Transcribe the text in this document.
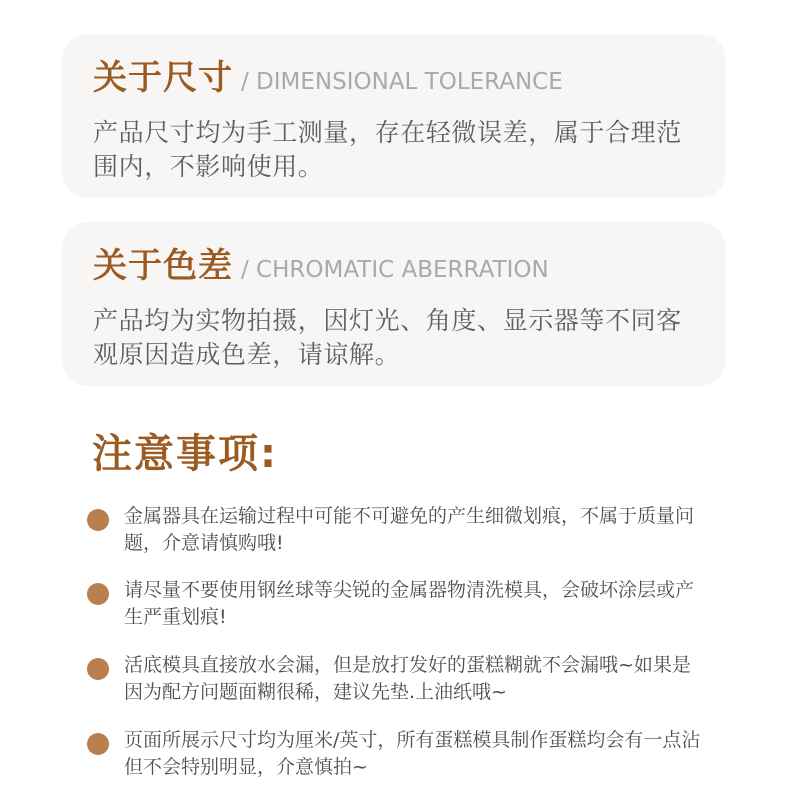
关于尺寸 / DIMENSIONAL TOLERANCE
产品尺寸均为手工测量，存在轻微误差，属于合理范围内，不影响使用。
关于色差 / CHROMATIC ABERRATION
产品均为实物拍摄，因灯光、角度、显示器等不同客观原因造成色差，请谅解。
注意事项:
金属器具在运输过程中可能不可避免的产生细微划痕，不属于质量问题，介意请慎购哦!
请尽量不要使用钢丝球等尖锐的金属器物清洗模具，会破坏涂层或产生严重划痕!
活底模具直接放水会漏，但是放打发好的蛋糕糊就不会漏哦~如果是因为配方问题面糊很稀，建议先垫.上油纸哦~
页面所展示尺寸均为厘米/英寸，所有蛋糕模具制作蛋糕均会有一点沾但不会特别明显，介意慎拍~
